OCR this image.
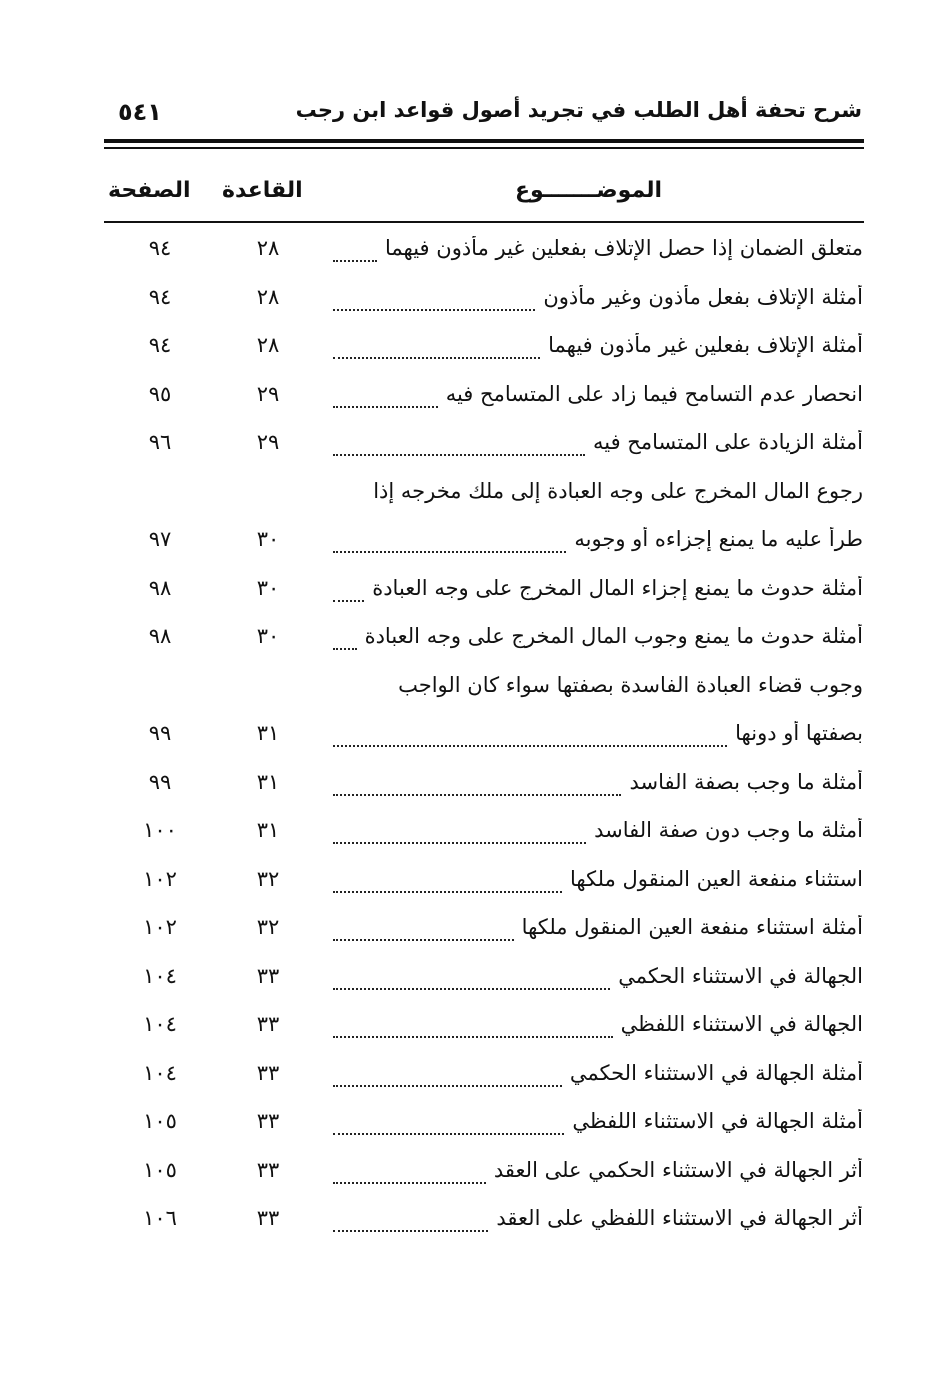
شرح تحفة أهل الطلب في تجريد أصول قواعد ابن رجب
٥٤١
الموضـــــــوع
القاعدة
الصفحة
متعلق الضمان إذا حصل الإتلاف بفعلين غير مأذون فيهما
٢٨
٩٤
أمثلة الإتلاف بفعل مأذون وغير مأذون
٢٨
٩٤
أمثلة الإتلاف بفعلين غير مأذون فيهما
٢٨
٩٤
انحصار عدم التسامح فيما زاد على المتسامح فيه
٢٩
٩٥
أمثلة الزيادة على المتسامح فيه
٢٩
٩٦
رجوع المال المخرج على وجه العبادة إلى ملك مخرجه إذا
طرأ عليه ما يمنع إجزاءه أو وجوبه
٣٠
٩٧
أمثلة حدوث ما يمنع إجزاء المال المخرج على وجه العبادة
٣٠
٩٨
أمثلة حدوث ما يمنع وجوب المال المخرج على وجه العبادة
٣٠
٩٨
وجوب قضاء العبادة الفاسدة بصفتها سواء كان الواجب
بصفتها أو دونها
٣١
٩٩
أمثلة ما وجب بصفة الفاسد
٣١
٩٩
أمثلة ما وجب دون صفة الفاسد
٣١
١٠٠
استثناء منفعة العين المنقول ملكها
٣٢
١٠٢
أمثلة استثناء منفعة العين المنقول ملكها
٣٢
١٠٢
الجهالة في الاستثناء الحكمي
٣٣
١٠٤
الجهالة في الاستثناء اللفظي
٣٣
١٠٤
أمثلة الجهالة في الاستثناء الحكمي
٣٣
١٠٤
أمثلة الجهالة في الاستثناء اللفظي
٣٣
١٠٥
أثر الجهالة في الاستثناء الحكمي على العقد
٣٣
١٠٥
أثر الجهالة في الاستثناء اللفظي على العقد
٣٣
١٠٦
